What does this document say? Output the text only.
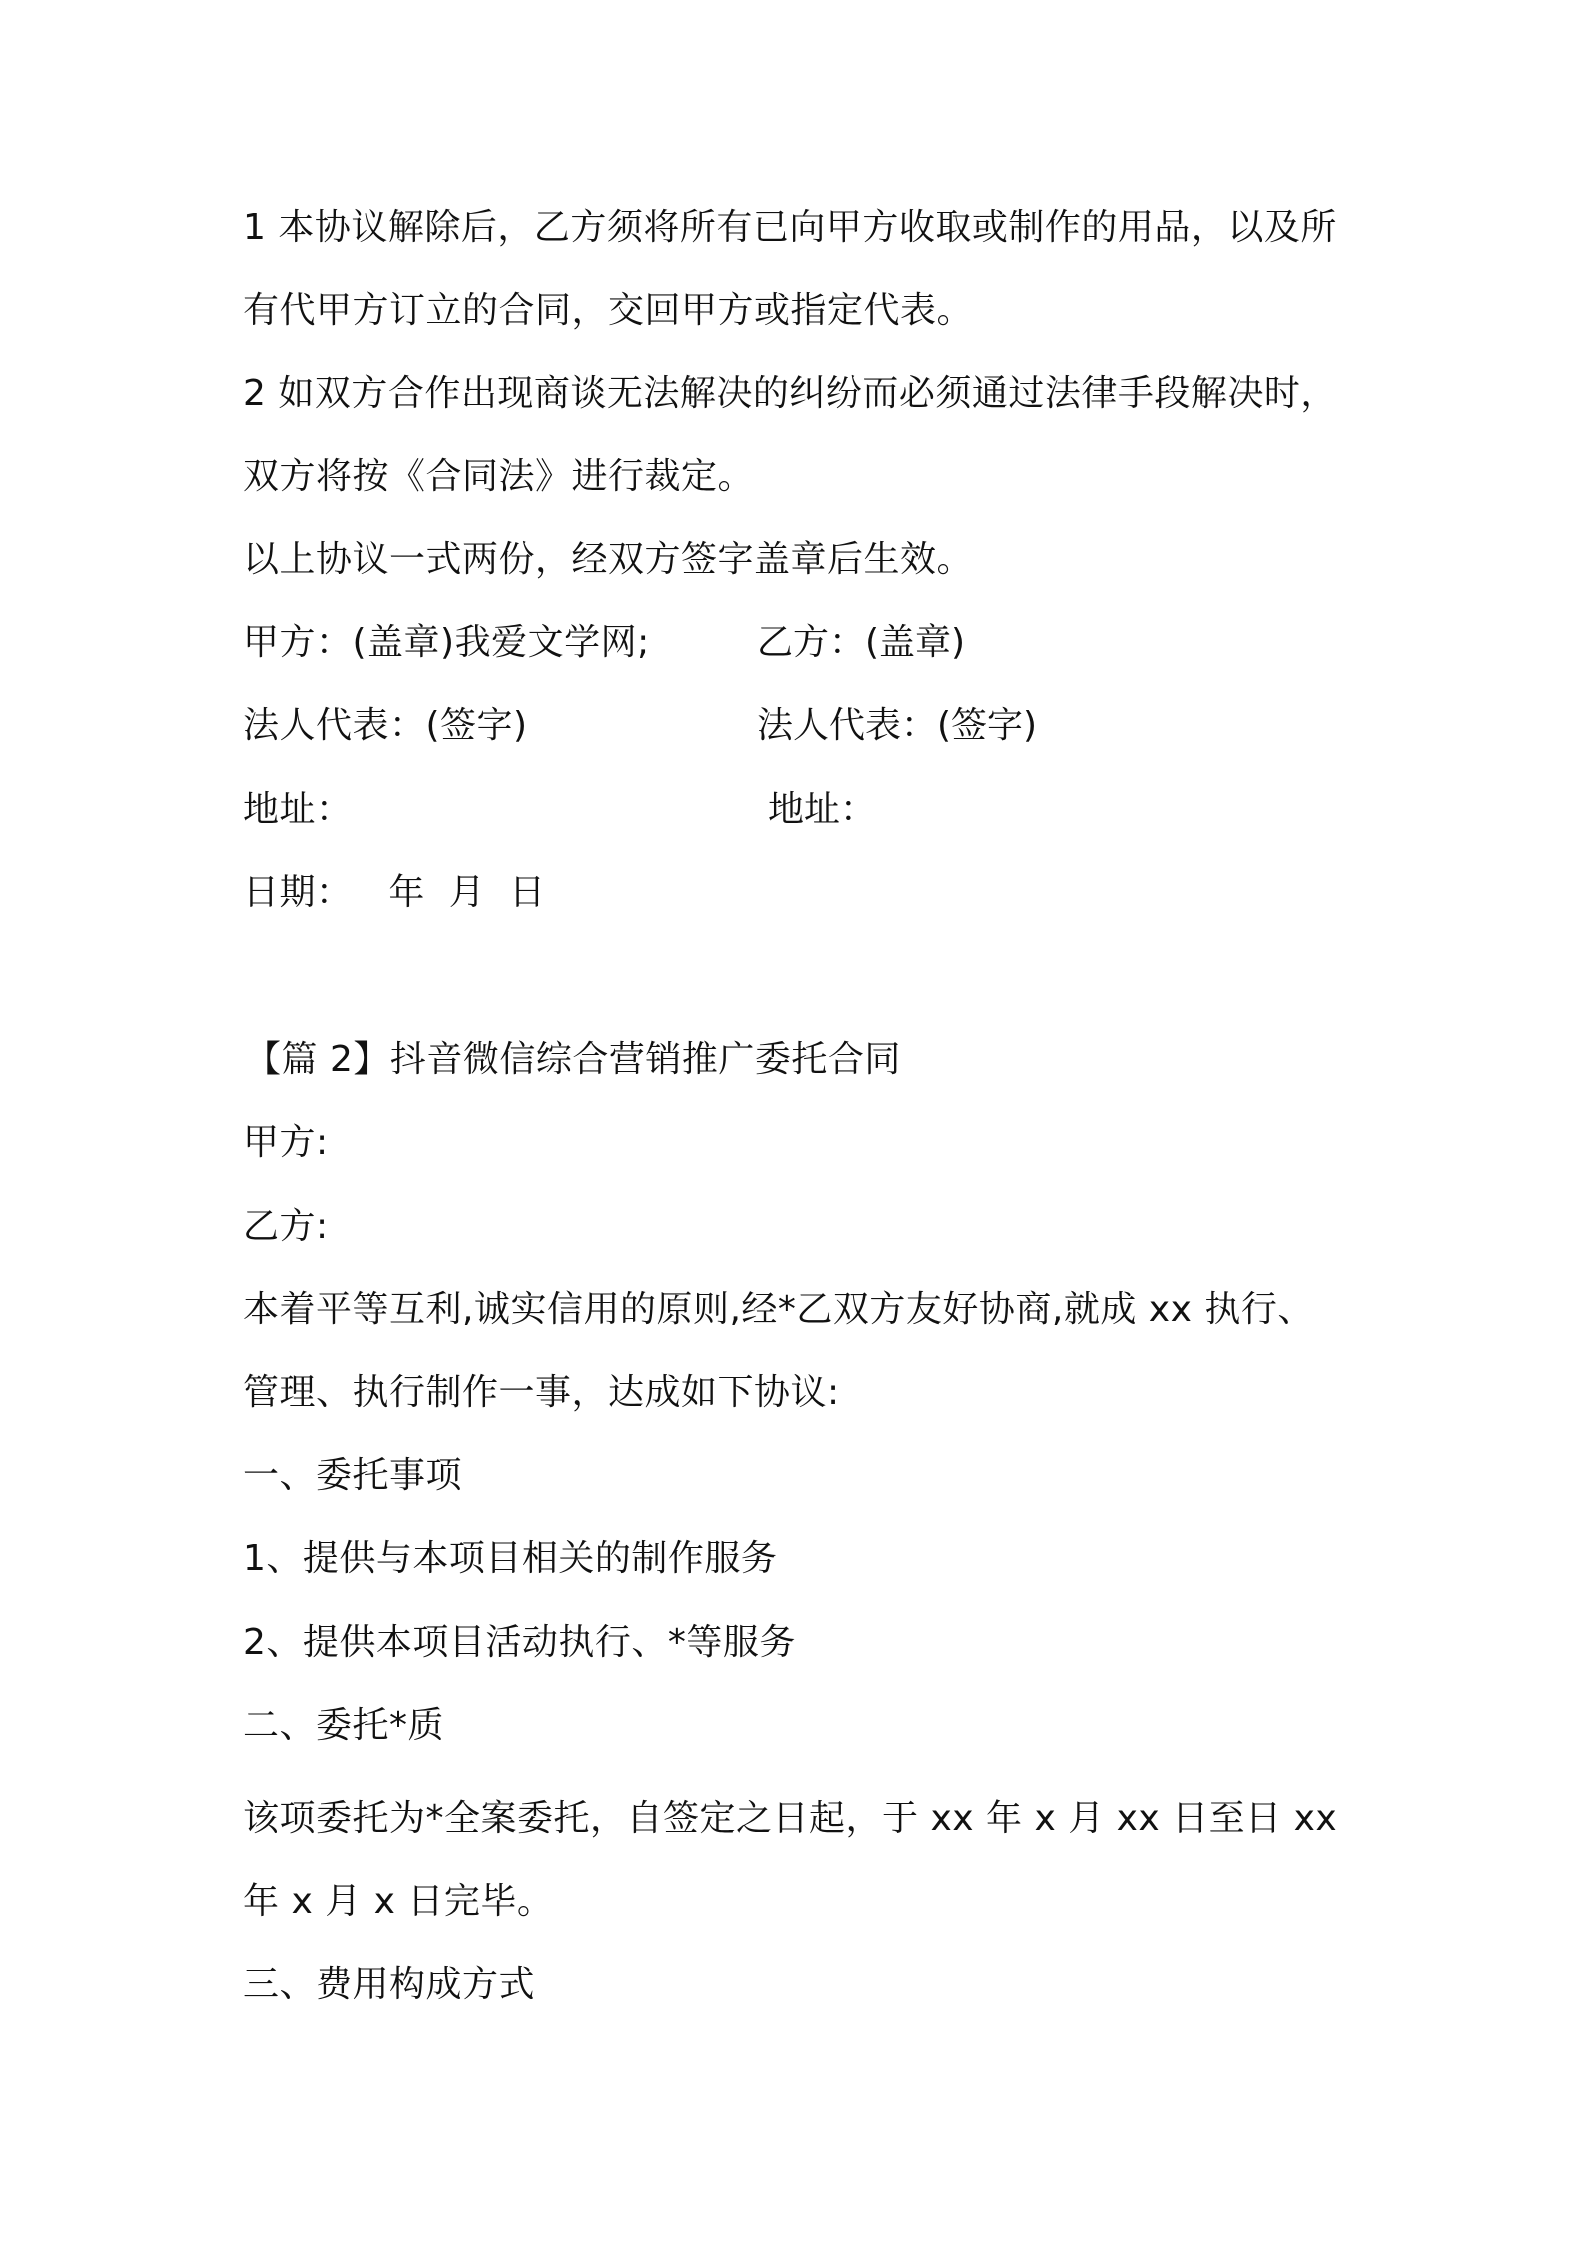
1 本协议解除后，乙方须将所有已向甲方收取或制作的用品，以及所
有代甲方订立的合同，交回甲方或指定代表。
2 如双方合作出现商谈无法解决的纠纷而必须通过法律手段解决时，
双方将按《合同法》进行裁定。
以上协议一式两份，经双方签字盖章后生效。
甲方：(盖章)我爱文学网;	乙方：(盖章)
法人代表：(签字)	法人代表：(签字)
地址：	地址：
日期：   年  月  日
【篇 2】抖音微信综合营销推广委托合同
甲方:
乙方:
本着平等互利,诚实信用的原则,经*乙双方友好协商,就成 xx 执行、
管理、执行制作一事，达成如下协议:
一、委托事项
1、提供与本项目相关的制作服务
2、提供本项目活动执行、*等服务
二、委托*质
该项委托为*全案委托，自签定之日起，于 xx 年 x 月 xx 日至日 xx
年 x 月 x 日完毕。
三、费用构成方式
